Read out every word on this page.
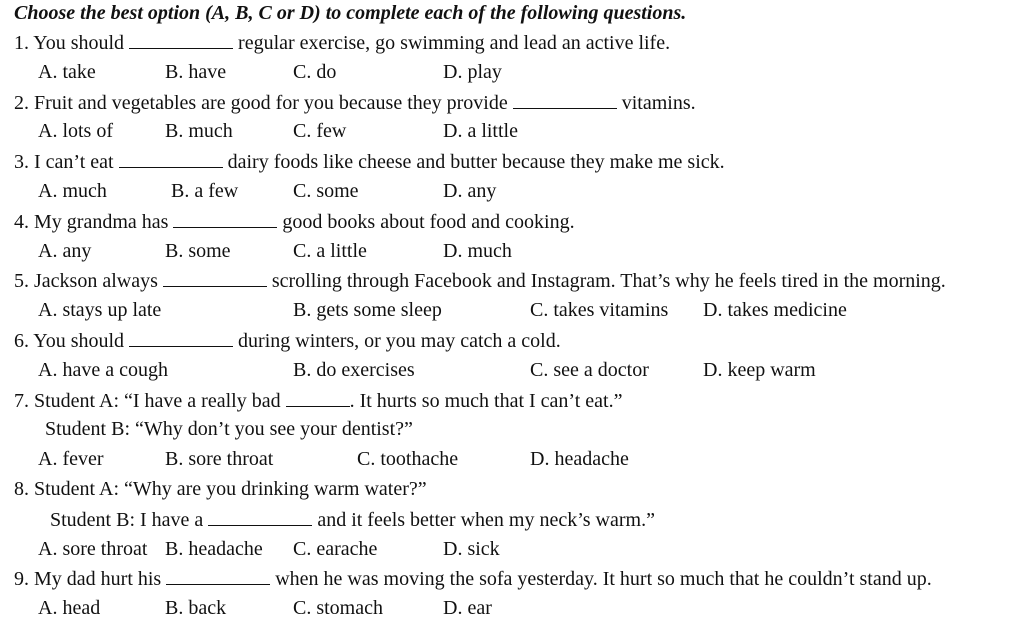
Choose the best option (A, B, C or D) to complete each of the following questions.
1. You should	regular exercise, go swimming and lead an active life.
A. take	B. have	C. do	D. play
2. Fruit and vegetables are good for you because they provide	vitamins.
A. lots of	B. much	C. few	D. a little
3. I can’t eat	dairy foods like cheese and butter because they make me sick.
A. much	B. a few	C. some	D. any
4. My grandma has	good books about food and cooking.
A. any	B. some	C. a little	D. much
5. Jackson always	scrolling through Facebook and Instagram. That’s why he feels tired in the morning.
A. stays up late	B. gets some sleep	C. takes vitamins D. takes medicine
6. You should	during winters, or you may catch a cold.
A. have a cough	B. do exercises	C. see a doctor	D. keep warm
7. Student A: “I have a really bad	. It hurts so much that I can’t eat.”
Student B: “Why don’t you see your dentist?”
A. fever	B. sore throat	C. toothache	D. headache
8. Student A: “Why are you drinking warm water?”
Student B: I have a	and it feels better when my neck’s warm.”
A. sore throat B. headache C. earache	D. sick
9. My dad hurt his	when he was moving the sofa yesterday. It hurt so much that he couldn’t stand up.
A. head	B. back	C. stomach	D. ear
